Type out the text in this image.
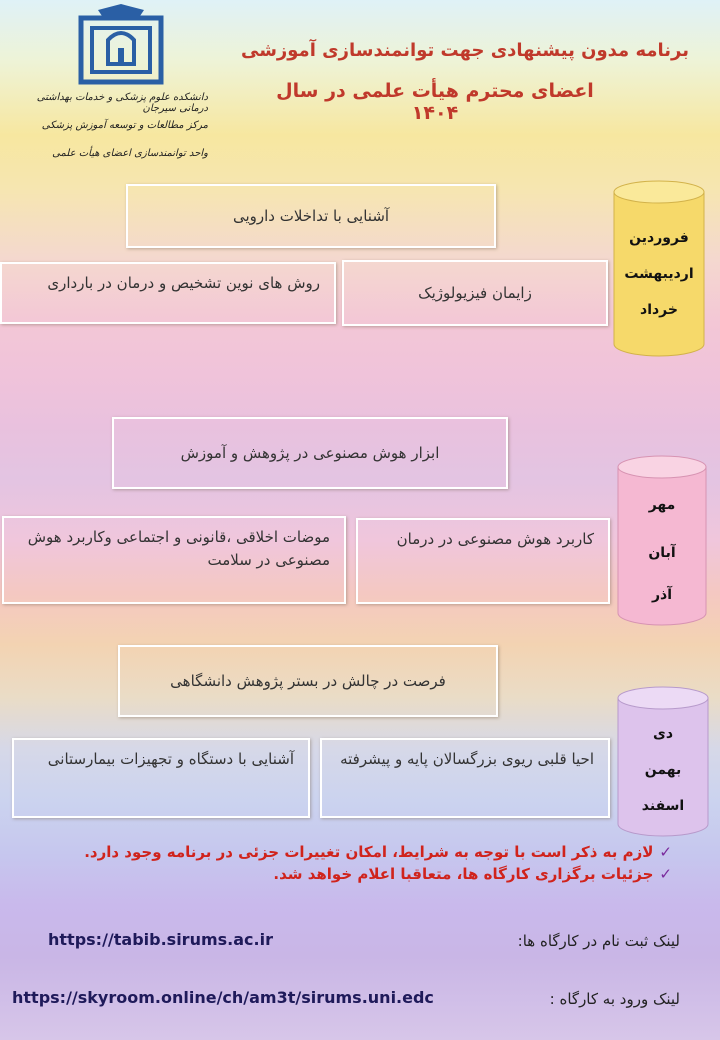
دانشکده علوم پزشکی و خدمات بهداشتی درمانی سیرجان
مرکز مطالعات و توسعه آموزش پزشکی
واحد توانمندسازی اعضای هیأت علمی
برنامه مدون پیشنهادی جهت توانمندسازی آموزشی
اعضای محترم هیأت علمی در سال ۱۴۰۴
فروردین
اردیبهشت
خرداد
آشنایی با تداخلات دارویی
زایمان فیزیولوژیک
روش های نوین تشخیص و درمان در بارداری
مهر
آبان
آذر
ابزار هوش مصنوعی در پژوهش و آموزش
کاربرد هوش مصنوعی در درمان
موضات اخلاقی ،قانونی و اجتماعی وکاربرد هوش مصنوعی در سلامت
دی
بهمن
اسفند
فرصت در چالش در بستر پژوهش دانشگاهی
احیا قلبی ریوی بزرگسالان پایه و پیشرفته
آشنایی با دستگاه و تجهیزات بیمارستانی
✓لازم به ذکر است با توجه به شرایط، امکان تغییرات جزئی در برنامه وجود دارد.
✓جزئیات برگزاری کارگاه ها، متعاقبا اعلام خواهد شد.
لینک ثبت نام در کارگاه ها:
https://tabib.sirums.ac.ir
لینک ورود به کارگاه :
https://skyroom.online/ch/am3t/sirums.uni.edc
